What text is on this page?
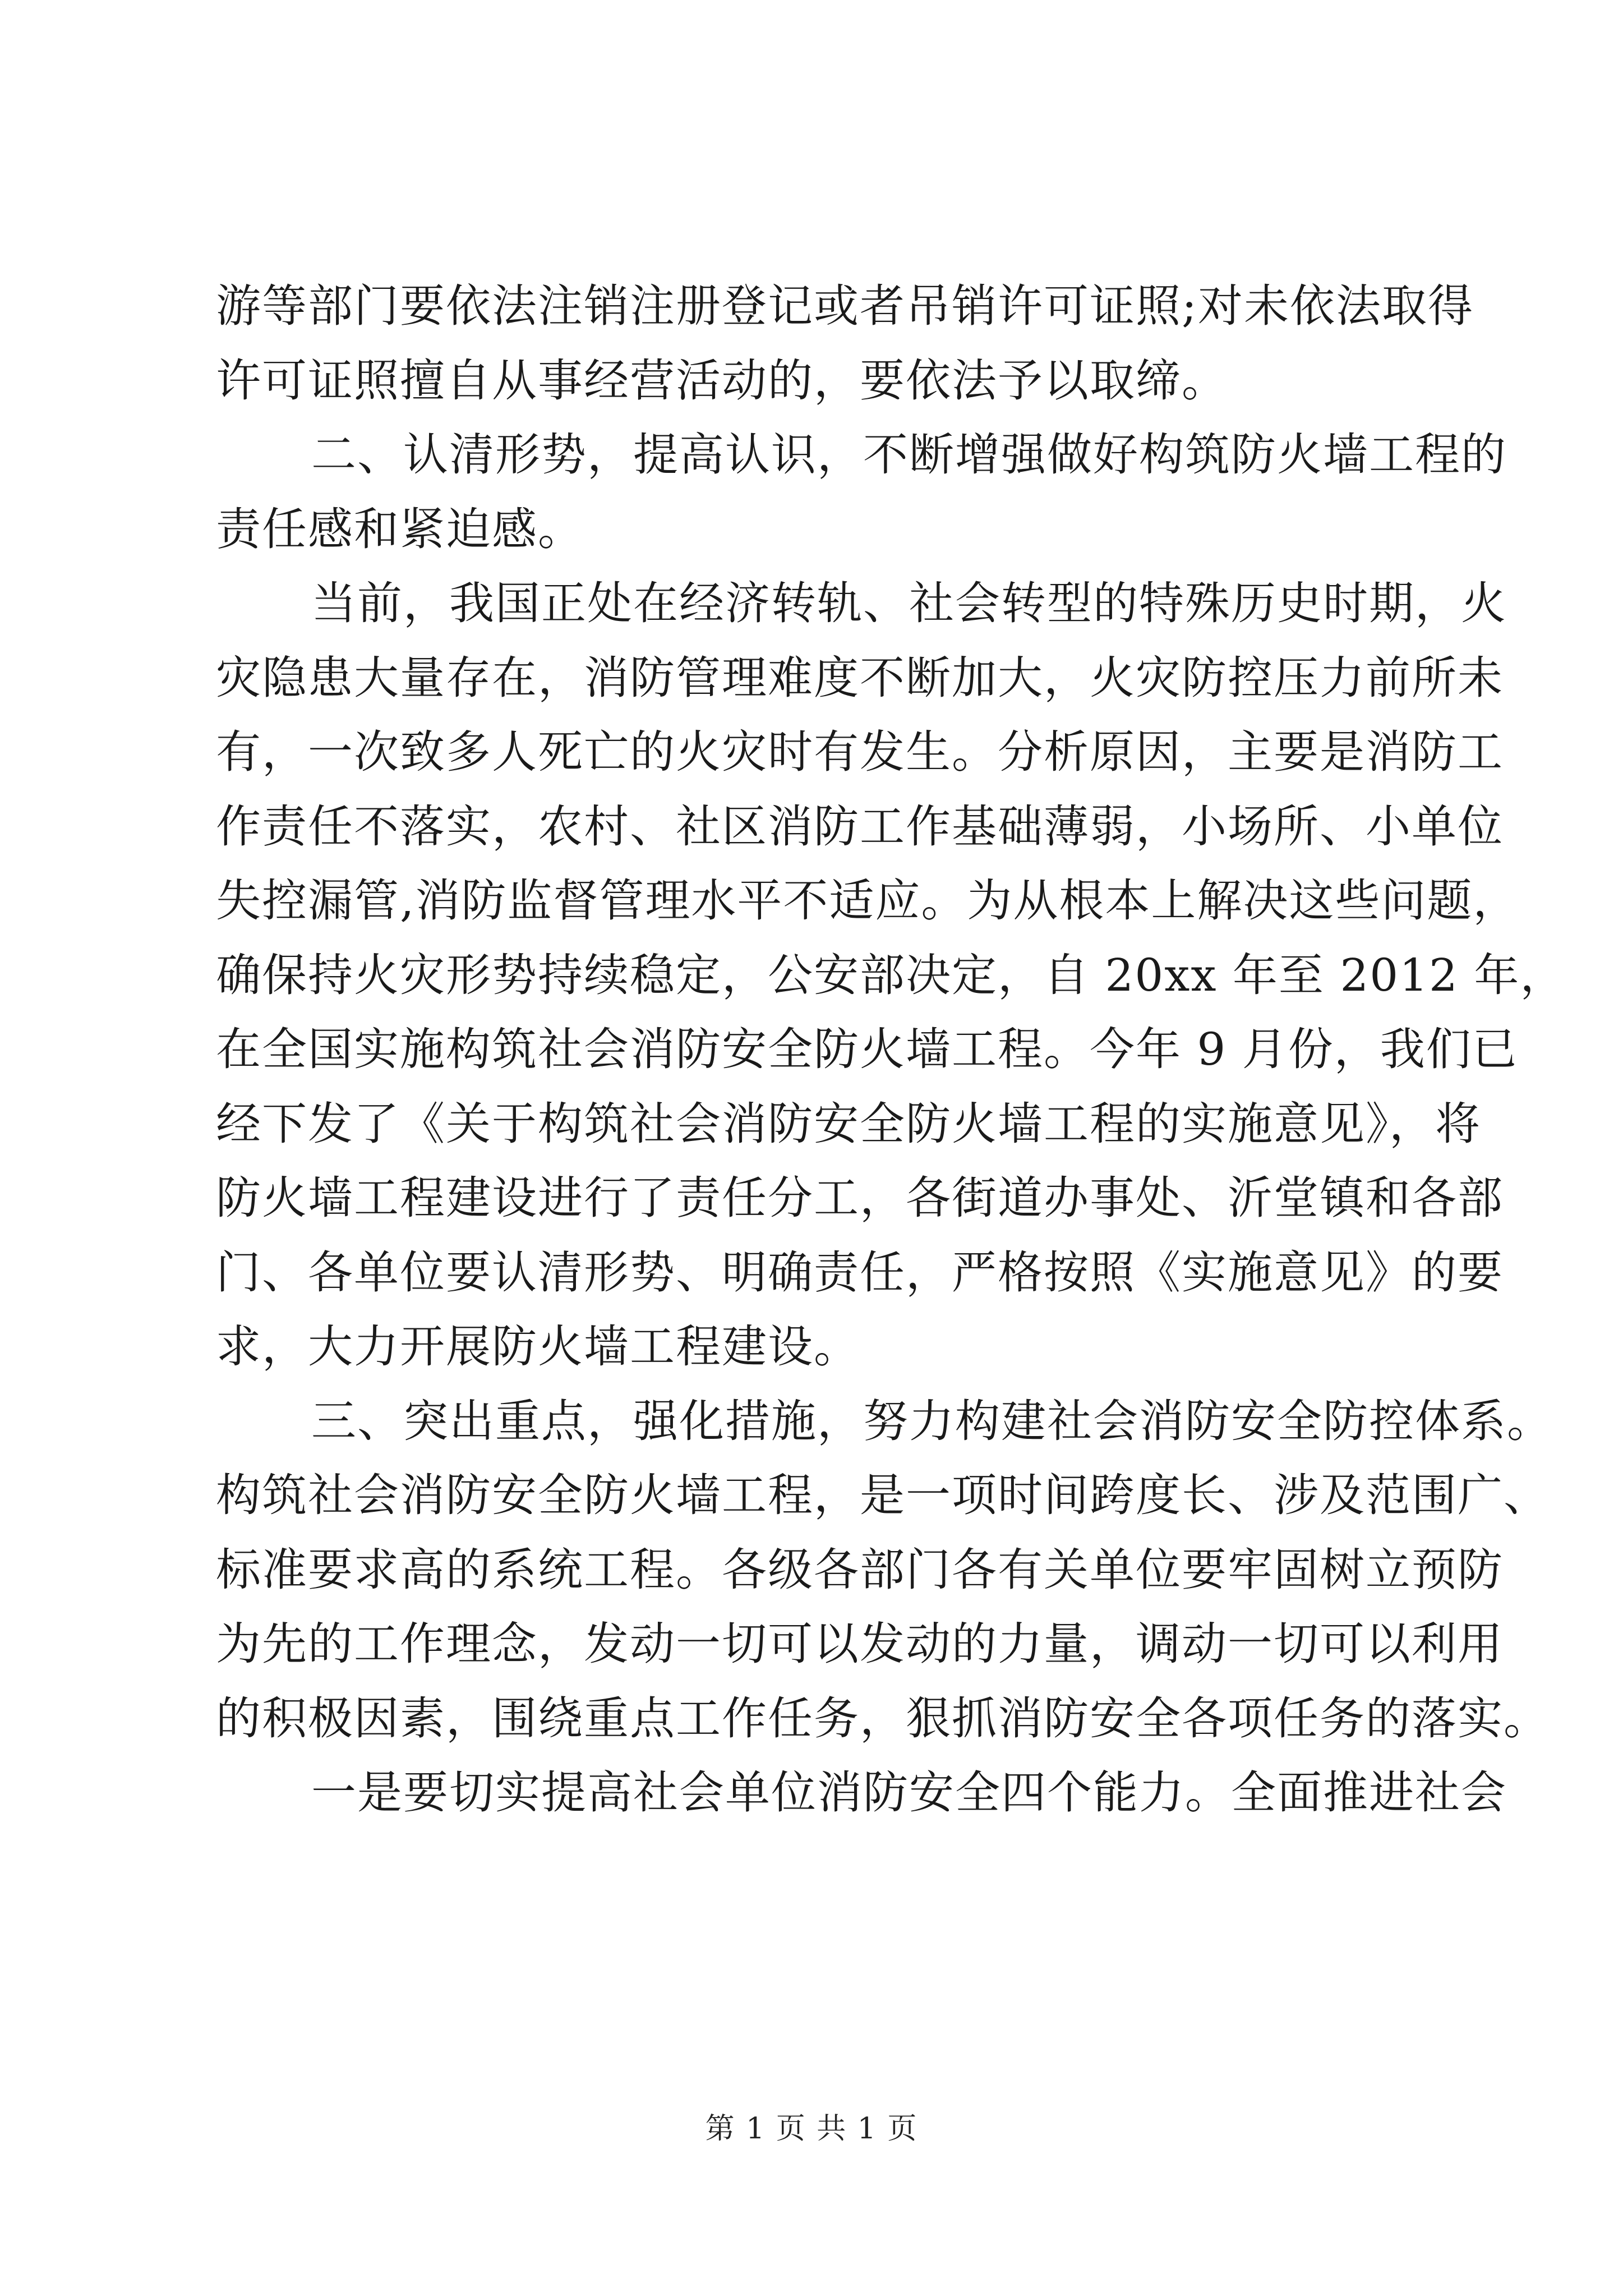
游等部门要依法注销注册登记或者吊销许可证照;对未依法取得
许可证照擅自从事经营活动的，要依法予以取缔。
二、认清形势，提高认识，不断增强做好构筑防火墙工程的
责任感和紧迫感。
当前，我国正处在经济转轨、社会转型的特殊历史时期，火
灾隐患大量存在，消防管理难度不断加大，火灾防控压力前所未
有，一次致多人死亡的火灾时有发生。分析原因，主要是消防工
作责任不落实，农村、社区消防工作基础薄弱，小场所、小单位
失控漏管,消防监督管理水平不适应。为从根本上解决这些问题，
确保持火灾形势持续稳定，公安部决定，自 20xx 年至 2012 年，
在全国实施构筑社会消防安全防火墙工程。今年 9 月份，我们已
经下发了《关于构筑社会消防安全防火墙工程的实施意见》，将
防火墙工程建设进行了责任分工，各街道办事处、沂堂镇和各部
门、各单位要认清形势、明确责任，严格按照《实施意见》的要
求，大力开展防火墙工程建设。
三、突出重点，强化措施，努力构建社会消防安全防控体系。
构筑社会消防安全防火墙工程，是一项时间跨度长、涉及范围广、
标准要求高的系统工程。各级各部门各有关单位要牢固树立预防
为先的工作理念，发动一切可以发动的力量，调动一切可以利用
的积极因素，围绕重点工作任务，狠抓消防安全各项任务的落实。
一是要切实提高社会单位消防安全四个能力。全面推进社会
第 1 页 共 1 页
